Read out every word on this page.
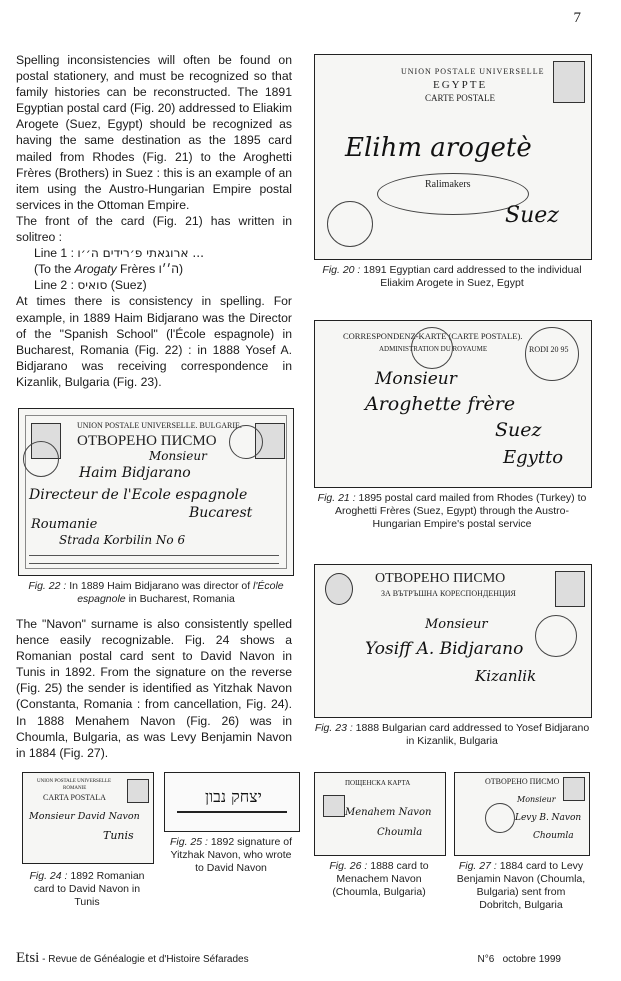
7

Spelling inconsistencies will often be found on postal stationery, and must be recognized so that family histories can be reconstructed. The 1891 Egyptian postal card (Fig. 20) addressed to Eliakim Arogete (Suez, Egypt) should be recognized as having the same destination as the 1895 card mailed from Rhodes (Fig. 21) to the Aroghetti Frères (Brothers) in Suez : this is an example of an item using the Austro-Hungarian Empire postal services in the Ottoman Empire.

The front of the card (Fig. 21) has written in solitreo :

Line 1 : ארוגאתי פ׳רידים ה׳׳ו ...

(To the Arogaty Frères ה׳׳ו)

Line 2 : סואיס (Suez)

At times there is consistency in spelling. For example, in 1889 Haim Bidjarano was the Director of the "Spanish School" (l'École espagnole) in Bucharest, Romania (Fig. 22) : in 1888 Yosef A. Bidjarano was receiving correspondence in Kizanlik, Bulgaria (Fig. 23).

UNION POSTALE UNIVERSELLE. BULGARIE.
ОТВОРЕНО ПИСМО
Monsieur
Haim Bidjarano
Directeur de l'Ecole espagnole
Bucarest
Roumanie
Strada Korbilin No 6
Fig. 22 : In 1889 Haim Bidjarano was director of l'École espagnole in Bucharest, Romania

The "Navon" surname is also consistently spelled hence easily recognizable. Fig. 24 shows a Romanian postal card sent to David Navon in Tunis in 1892. From the signature on the reverse (Fig. 25) the sender is identified as Yitzhak Navon (Constanta, Romania : from cancellation, Fig. 24). In 1888 Menahem Navon (Fig. 26) was in Choumla, Bulgaria, as was Levy Benjamin Navon in 1884 (Fig. 27).

UNION POSTALE UNIVERSELLE
EGYPTE
CARTE POSTALE
Elihm arogetè
Ralimakers
Suez
Fig. 20 : 1891 Egyptian card addressed to the individual Eliakim Arogete in Suez, Egypt
CORRESPONDENZ-KARTE (CARTE POSTALE).
ADMINISTRATION DU ROYAUME	RODI 20 95
Monsieur
Aroghette frère
Suez
Egytto
Fig. 21 : 1895 postal card mailed from Rhodes (Turkey) to Aroghetti Frères (Suez, Egypt) through the Austro-Hungarian Empire's postal service
ОТВОРЕНО ПИСМО
ЗА ВЪТРЪШНА КОРЕСПОНДЕНЦИЯ
Monsieur
Yosiff A. Bidjarano
Kizanlik
Fig. 23 : 1888 Bulgarian card addressed to Yosef Bidjarano in Kizanlik, Bulgaria
UNION POSTALE UNIVERSELLE
ROMANIE
CARTA POSTALA
Monsieur David Navon
Tunis
Fig. 24 : 1892 Romanian card to David Navon in Tunis
יצחק נבון
Fig. 25 : 1892 signature of Yitzhak Navon, who wrote to David Navon
ПОЩЕНСКА КАРТА
Menahem Navon
Choumla
Fig. 26 : 1888 card to Menachem Navon (Choumla, Bulgaria)
ОТВОРЕНО ПИСМО
Monsieur
Levy B. Navon
Choumla
Fig. 27 : 1884 card to Levy Benjamin Navon (Choumla, Bulgaria) sent from Dobritch, Bulgaria
Etsi - Revue de Généalogie et d'Histoire Séfarades	N°6   octobre 1999
